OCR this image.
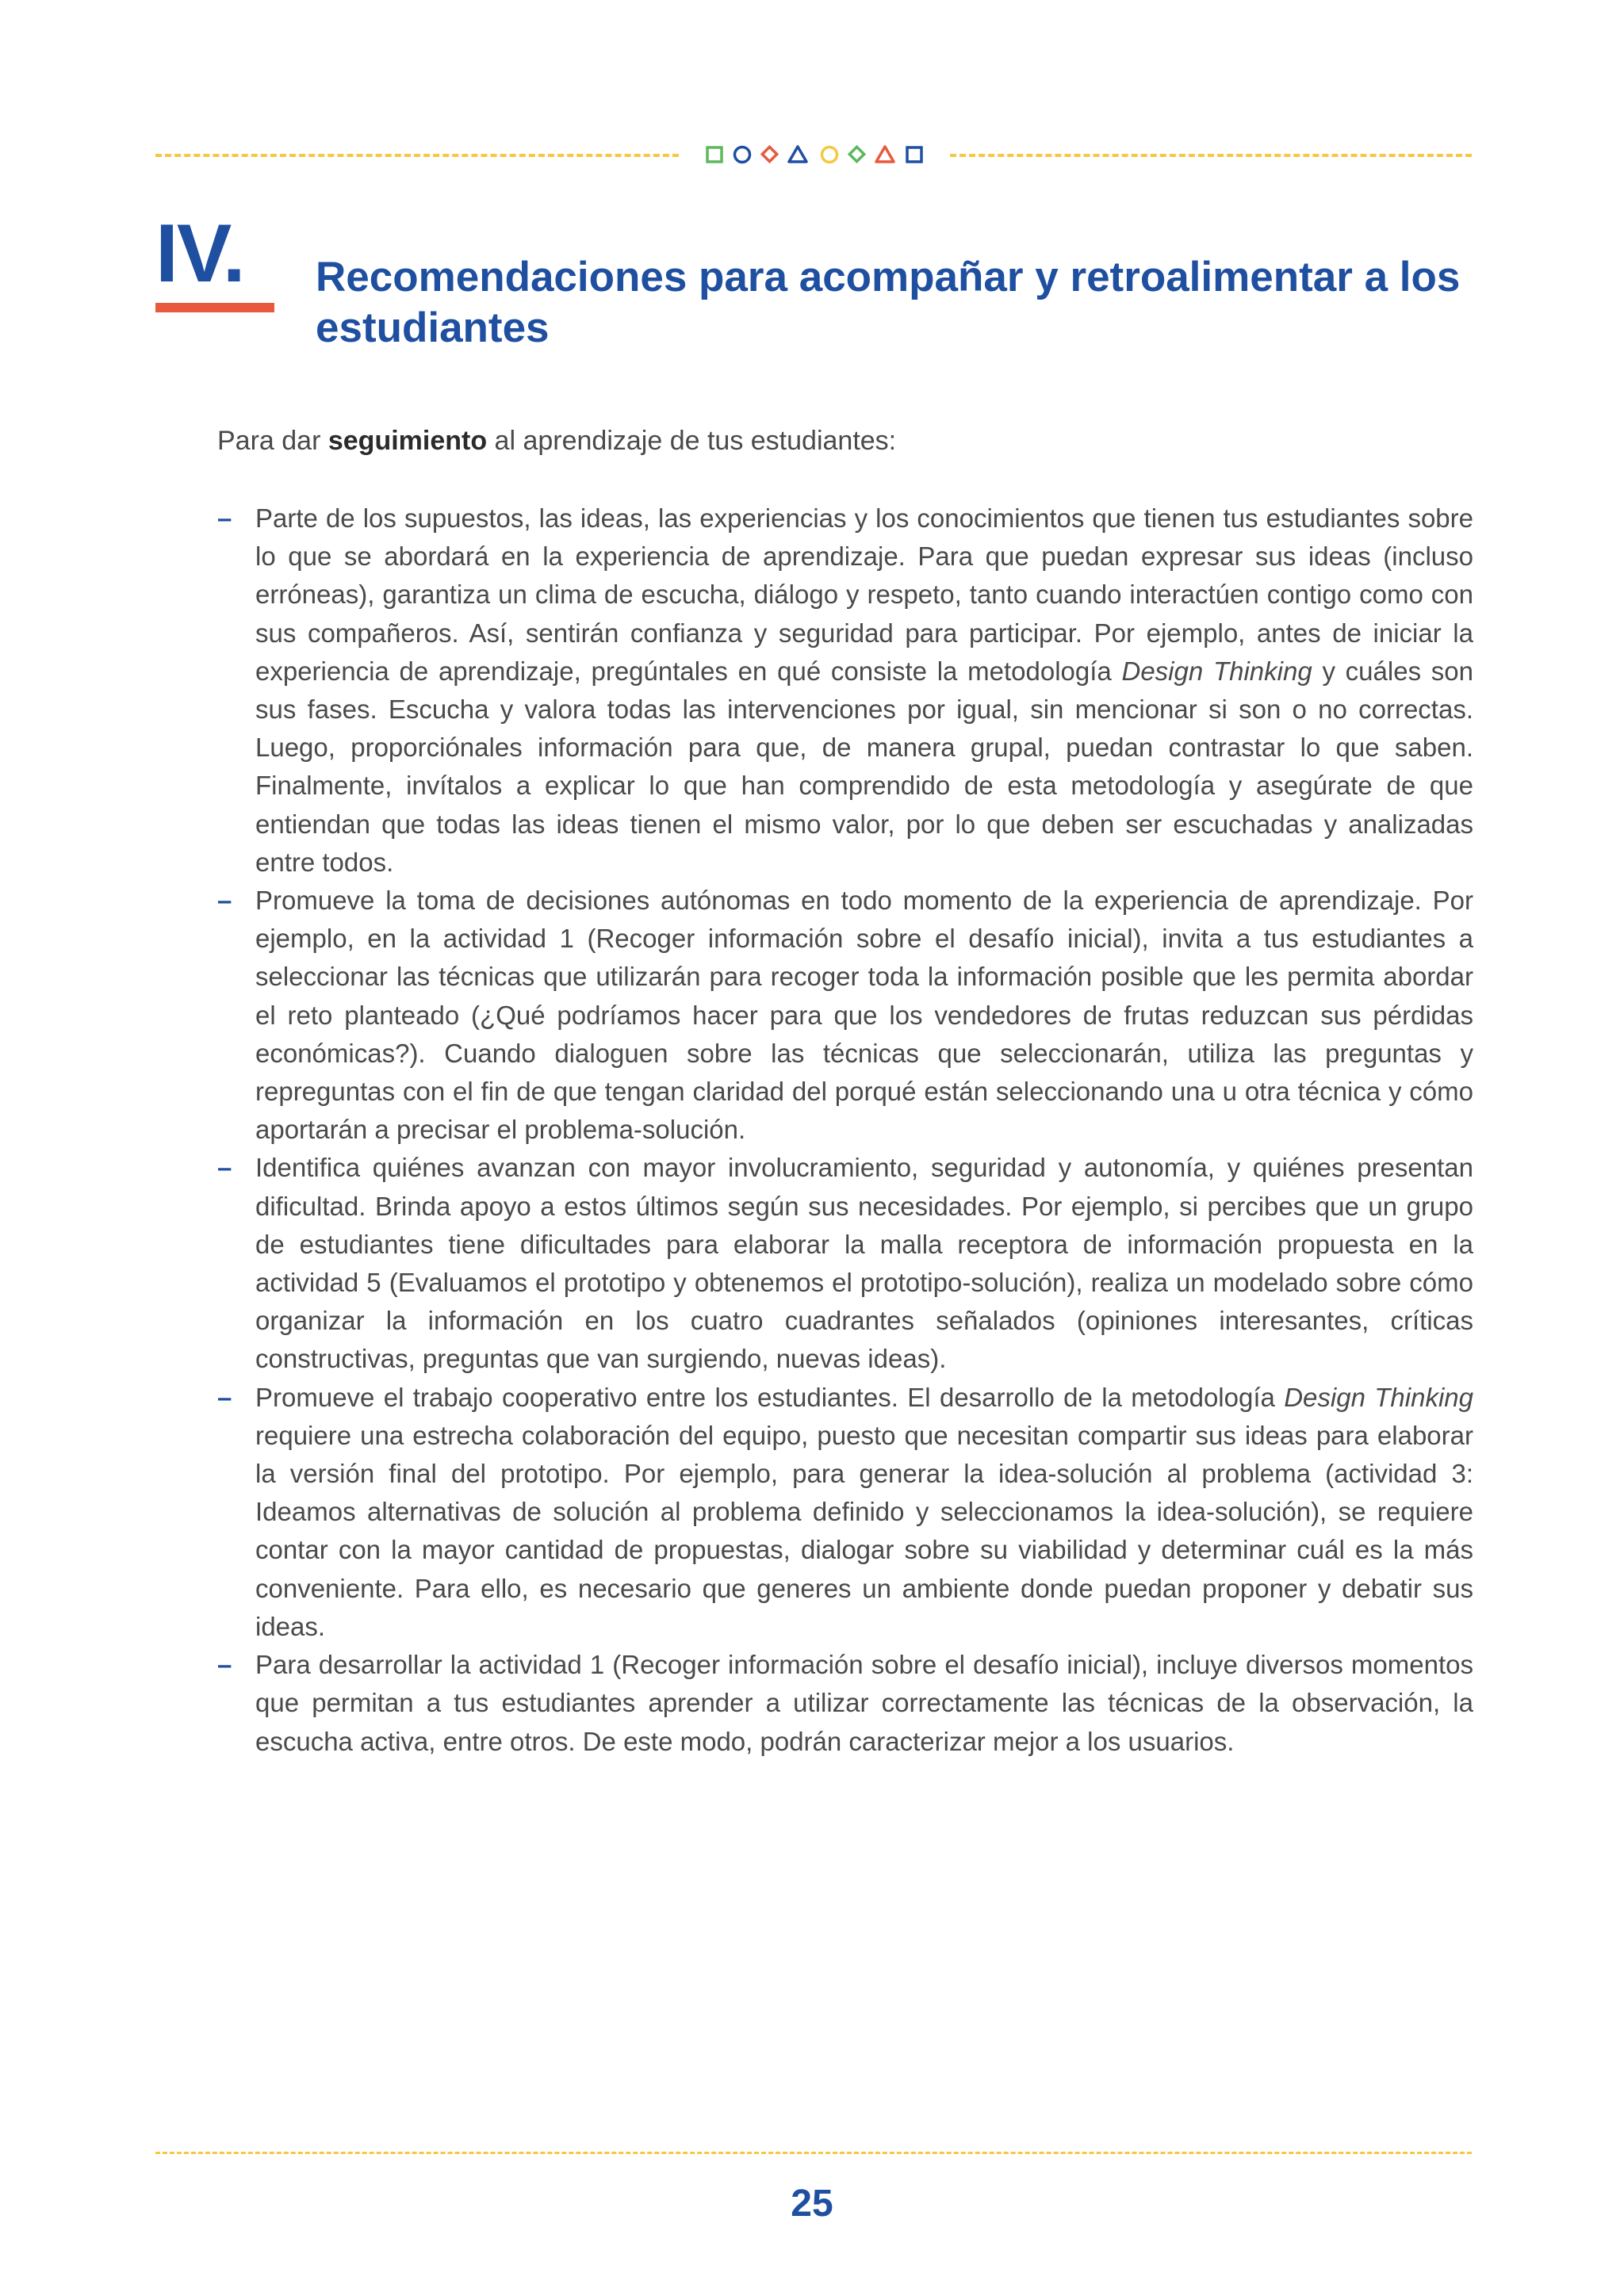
IV.	Recomendaciones para acompañar y retroalimentar a los estudiantes

Para dar seguimiento al aprendizaje de tus estudiantes:

– Parte de los supuestos, las ideas, las experiencias y los conocimientos que tienen tus estudiantes sobre lo que se abordará en la experiencia de aprendizaje. Para que puedan expresar sus ideas (incluso erróneas), garantiza un clima de escucha, diálogo y respeto, tanto cuando interactúen contigo como con sus compañeros. Así, sentirán confianza y seguridad para participar. Por ejemplo, antes de iniciar la experiencia de aprendizaje, pregúntales en qué consiste la metodología Design Thinking y cuáles son sus fases. Escucha y valora todas las intervenciones por igual, sin mencionar si son o no correctas. Luego, proporciónales información para que, de manera grupal, puedan contrastar lo que saben. Finalmente, invítalos a explicar lo que han comprendido de esta metodología y asegúrate de que entiendan que todas las ideas tienen el mismo valor, por lo que deben ser escuchadas y analizadas entre todos.
– Promueve la toma de decisiones autónomas en todo momento de la experiencia de aprendizaje. Por ejemplo, en la actividad 1 (Recoger información sobre el desafío inicial), invita a tus estudiantes a seleccionar las técnicas que utilizarán para recoger toda la información posible que les permita abordar el reto planteado (¿Qué podríamos hacer para que los vendedores de frutas reduzcan sus pérdidas económicas?). Cuando dialoguen sobre las técnicas que seleccionarán, utiliza las preguntas y repreguntas con el fin de que tengan claridad del porqué están seleccionando una u otra técnica y cómo aportarán a precisar el problema-solución.
– Identifica quiénes avanzan con mayor involucramiento, seguridad y autonomía, y quiénes presentan dificultad. Brinda apoyo a estos últimos según sus necesidades. Por ejemplo, si percibes que un grupo de estudiantes tiene dificultades para elaborar la malla receptora de información propuesta en la actividad 5 (Evaluamos el prototipo y obtenemos el prototipo-solución), realiza un modelado sobre cómo organizar la información en los cuatro cuadrantes señalados (opiniones interesantes, críticas constructivas, preguntas que van surgiendo, nuevas ideas).
– Promueve el trabajo cooperativo entre los estudiantes. El desarrollo de la metodología Design Thinking requiere una estrecha colaboración del equipo, puesto que necesitan compartir sus ideas para elaborar la versión final del prototipo. Por ejemplo, para generar la idea-solución al problema (actividad 3: Ideamos alternativas de solución al problema definido y seleccionamos la idea-solución), se requiere contar con la mayor cantidad de propuestas, dialogar sobre su viabilidad y determinar cuál es la más conveniente. Para ello, es necesario que generes un ambiente donde puedan proponer y debatir sus ideas.
– Para desarrollar la actividad 1 (Recoger información sobre el desafío inicial), incluye diversos momentos que permitan a tus estudiantes aprender a utilizar correctamente las técnicas de la observación, la escucha activa, entre otros. De este modo, podrán caracterizar mejor a los usuarios.
25
